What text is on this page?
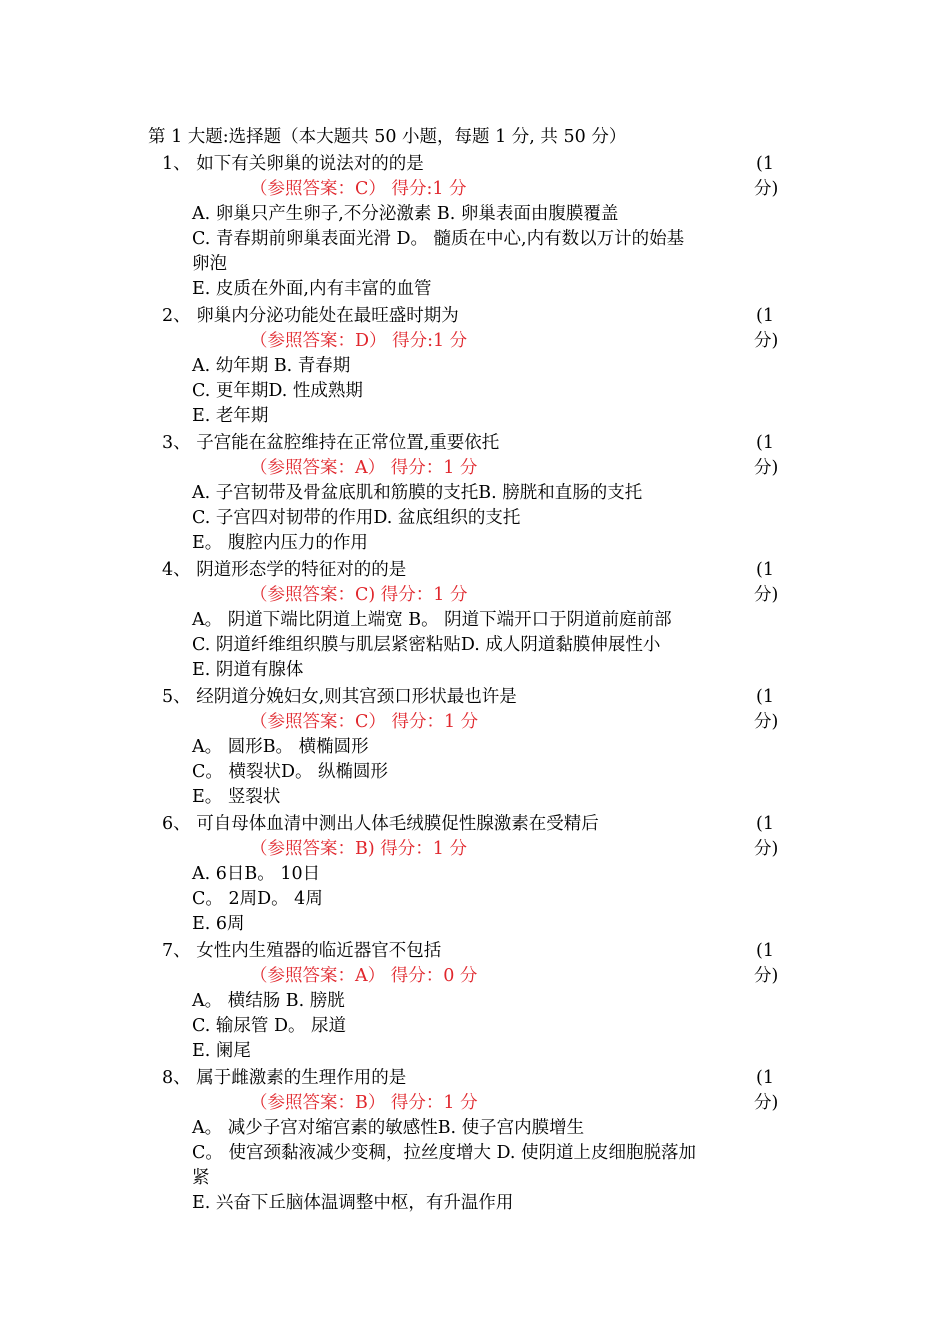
第 1 大题:选择题（本大题共 50 小题，每题 1 分, 共 50 分）
1、 如下有关卵巢的说法对的的是	(1
（参照答案：C） 得分:1 分	分)
A. 卵巢只产生卵子,不分泌激素 B. 卵巢表面由腹膜覆盖
C. 青春期前卵巢表面光滑 D。 髓质在中心,内有数以万计的始基
卵泡
E. 皮质在外面,内有丰富的血管
2、 卵巢内分泌功能处在最旺盛时期为	(1
（参照答案：D） 得分:1 分	分)
A. 幼年期 B. 青春期
C. 更年期D. 性成熟期
E. 老年期
3、 子宫能在盆腔维持在正常位置,重要依托	(1
（参照答案：A） 得分：1 分	分)
A. 子宫韧带及骨盆底肌和筋膜的支托B. 膀胱和直肠的支托
C. 子宫四对韧带的作用D. 盆底组织的支托
E。 腹腔内压力的作用
4、 阴道形态学的特征对的的是	(1
（参照答案：C) 得分：1 分	分)
A。 阴道下端比阴道上端宽 B。 阴道下端开口于阴道前庭前部
C. 阴道纤维组织膜与肌层紧密粘贴D. 成人阴道黏膜伸展性小
E. 阴道有腺体
5、 经阴道分娩妇女,则其宫颈口形状最也许是	(1
（参照答案：C） 得分：1 分	分)
A。 圆形B。 横椭圆形
C。 横裂状D。 纵椭圆形
E。 竖裂状
6、 可自母体血清中测出人体毛绒膜促性腺激素在受精后	(1
（参照答案：B) 得分：1 分	分)
A. 6日B。 10日
C。 2周D。 4周
E. 6周
7、 女性内生殖器的临近器官不包括	(1
（参照答案：A） 得分：0 分	分)
A。 横结肠 B. 膀胱
C. 输尿管 D。 尿道
E. 阑尾
8、 属于雌激素的生理作用的是	(1
（参照答案：B） 得分：1 分	分)
A。 减少子宫对缩宫素的敏感性B. 使子宫内膜增生
C。 使宫颈黏液减少变稠，拉丝度增大 D. 使阴道上皮细胞脱落加
紧
E. 兴奋下丘脑体温调整中枢，有升温作用
